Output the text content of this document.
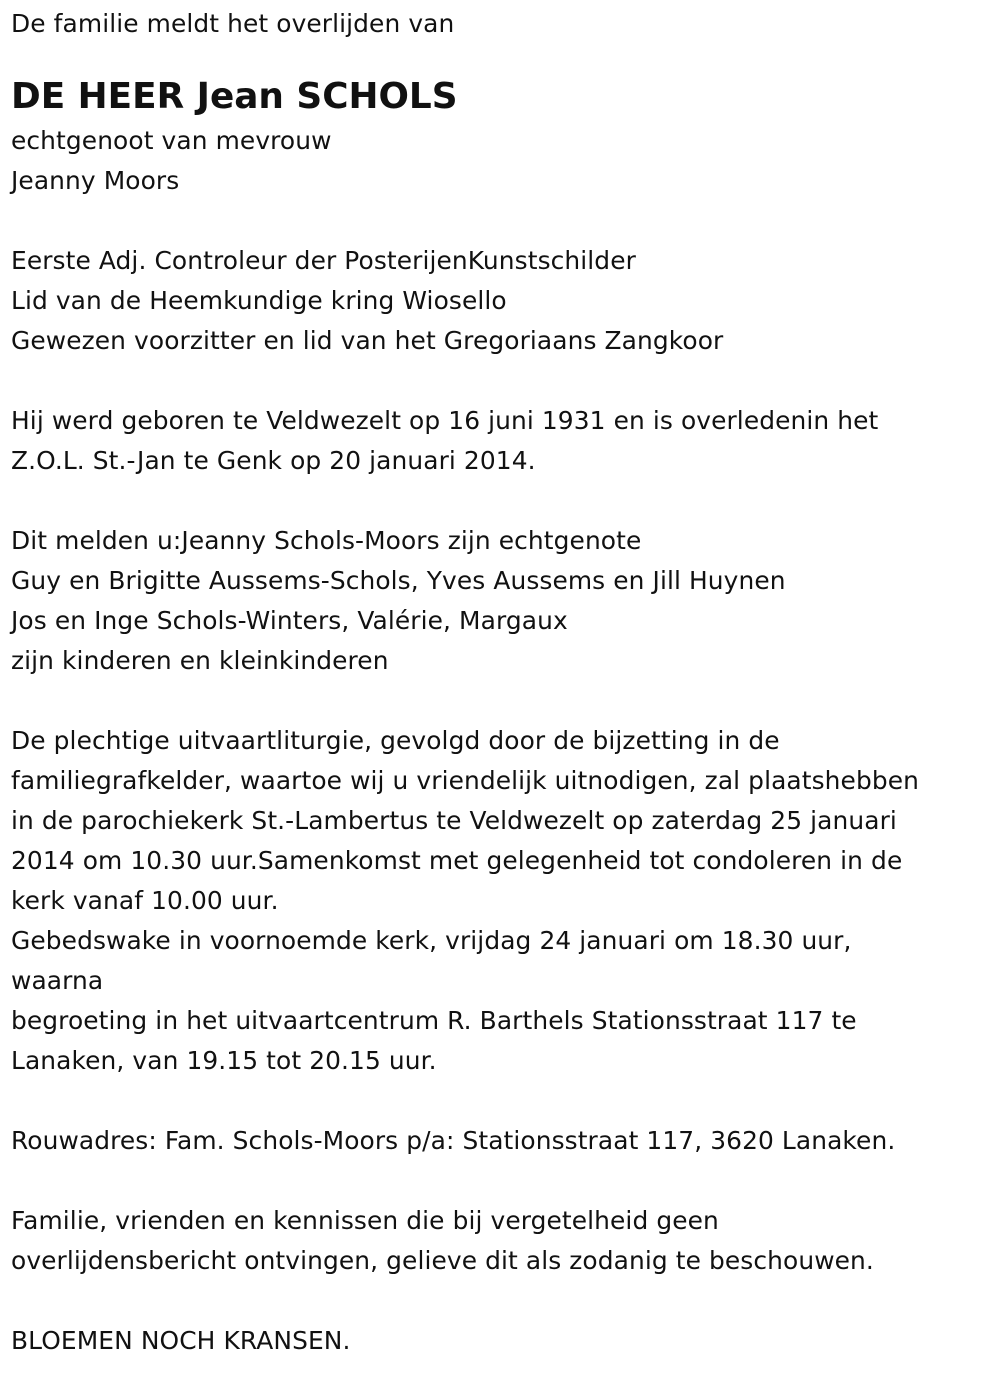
De familie meldt het overlijden van
DE HEER Jean SCHOLS
echtgenoot van mevrouw
Jeanny Moors
Eerste Adj. Controleur der PosterijenKunstschilder
Lid van de Heemkundige kring Wiosello
Gewezen voorzitter en lid van het Gregoriaans Zangkoor
Hij werd geboren te Veldwezelt op 16 juni 1931 en is overledenin het
Z.O.L. St.-Jan te Genk op 20 januari 2014.
Dit melden u:Jeanny Schols-Moors zijn echtgenote
Guy en Brigitte Aussems-Schols, Yves Aussems en Jill Huynen
Jos en Inge Schols-Winters, Valérie, Margaux
zijn kinderen en kleinkinderen
De plechtige uitvaartliturgie, gevolgd door de bijzetting in de
familiegrafkelder, waartoe wij u vriendelijk uitnodigen, zal plaatshebben
in de parochiekerk St.-Lambertus te Veldwezelt op zaterdag 25 januari
2014 om 10.30 uur.Samenkomst met gelegenheid tot condoleren in de
kerk vanaf 10.00 uur.
Gebedswake in voornoemde kerk, vrijdag 24 januari om 18.30 uur,
waarna
begroeting in het uitvaartcentrum R. Barthels Stationsstraat 117 te
Lanaken, van 19.15 tot 20.15 uur.
Rouwadres: Fam. Schols-Moors p/a: Stationsstraat 117, 3620 Lanaken.
Familie, vrienden en kennissen die bij vergetelheid geen
overlijdensbericht ontvingen, gelieve dit als zodanig te beschouwen.
BLOEMEN NOCH KRANSEN.
